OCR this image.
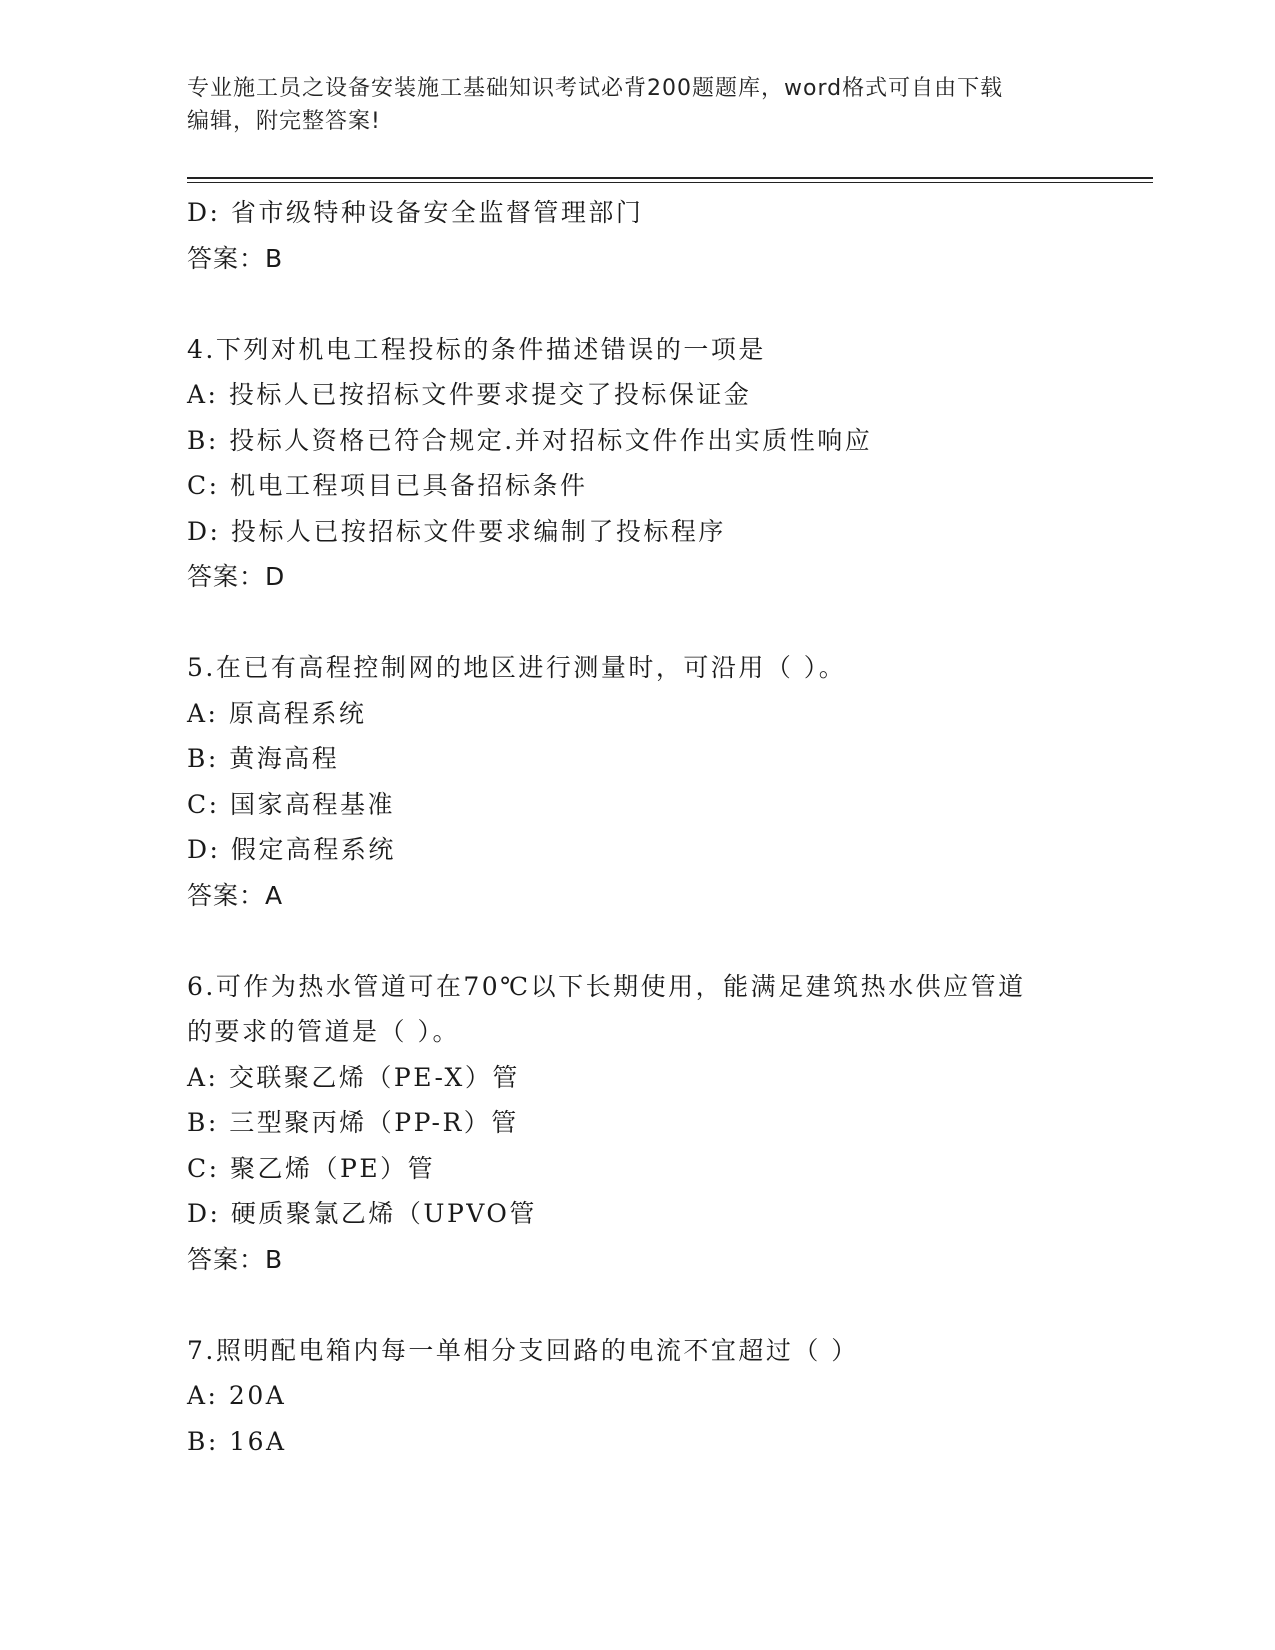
专业施工员之设备安装施工基础知识考试必背200题题库，word格式可自由下载
编辑，附完整答案!
D: 省市级特种设备安全监督管理部门
答案：B
4.下列对机电工程投标的条件描述错误的一项是
A: 投标人已按招标文件要求提交了投标保证金
B: 投标人资格已符合规定.并对招标文件作出实质性响应
C: 机电工程项目已具备招标条件
D: 投标人已按招标文件要求编制了投标程序
答案：D
5.在已有高程控制网的地区进行测量时，可沿用（ ）。
A: 原高程系统
B: 黄海高程
C: 国家高程基准
D: 假定高程系统
答案：A
6.可作为热水管道可在70℃以下长期使用，能满足建筑热水供应管道
的要求的管道是（ ）。
A: 交联聚乙烯（PE-X）管
B: 三型聚丙烯（PP-R）管
C: 聚乙烯（PE）管
D: 硬质聚氯乙烯（UPVO管
答案：B
7.照明配电箱内每一单相分支回路的电流不宜超过（ ）
A: 20A
B: 16A
